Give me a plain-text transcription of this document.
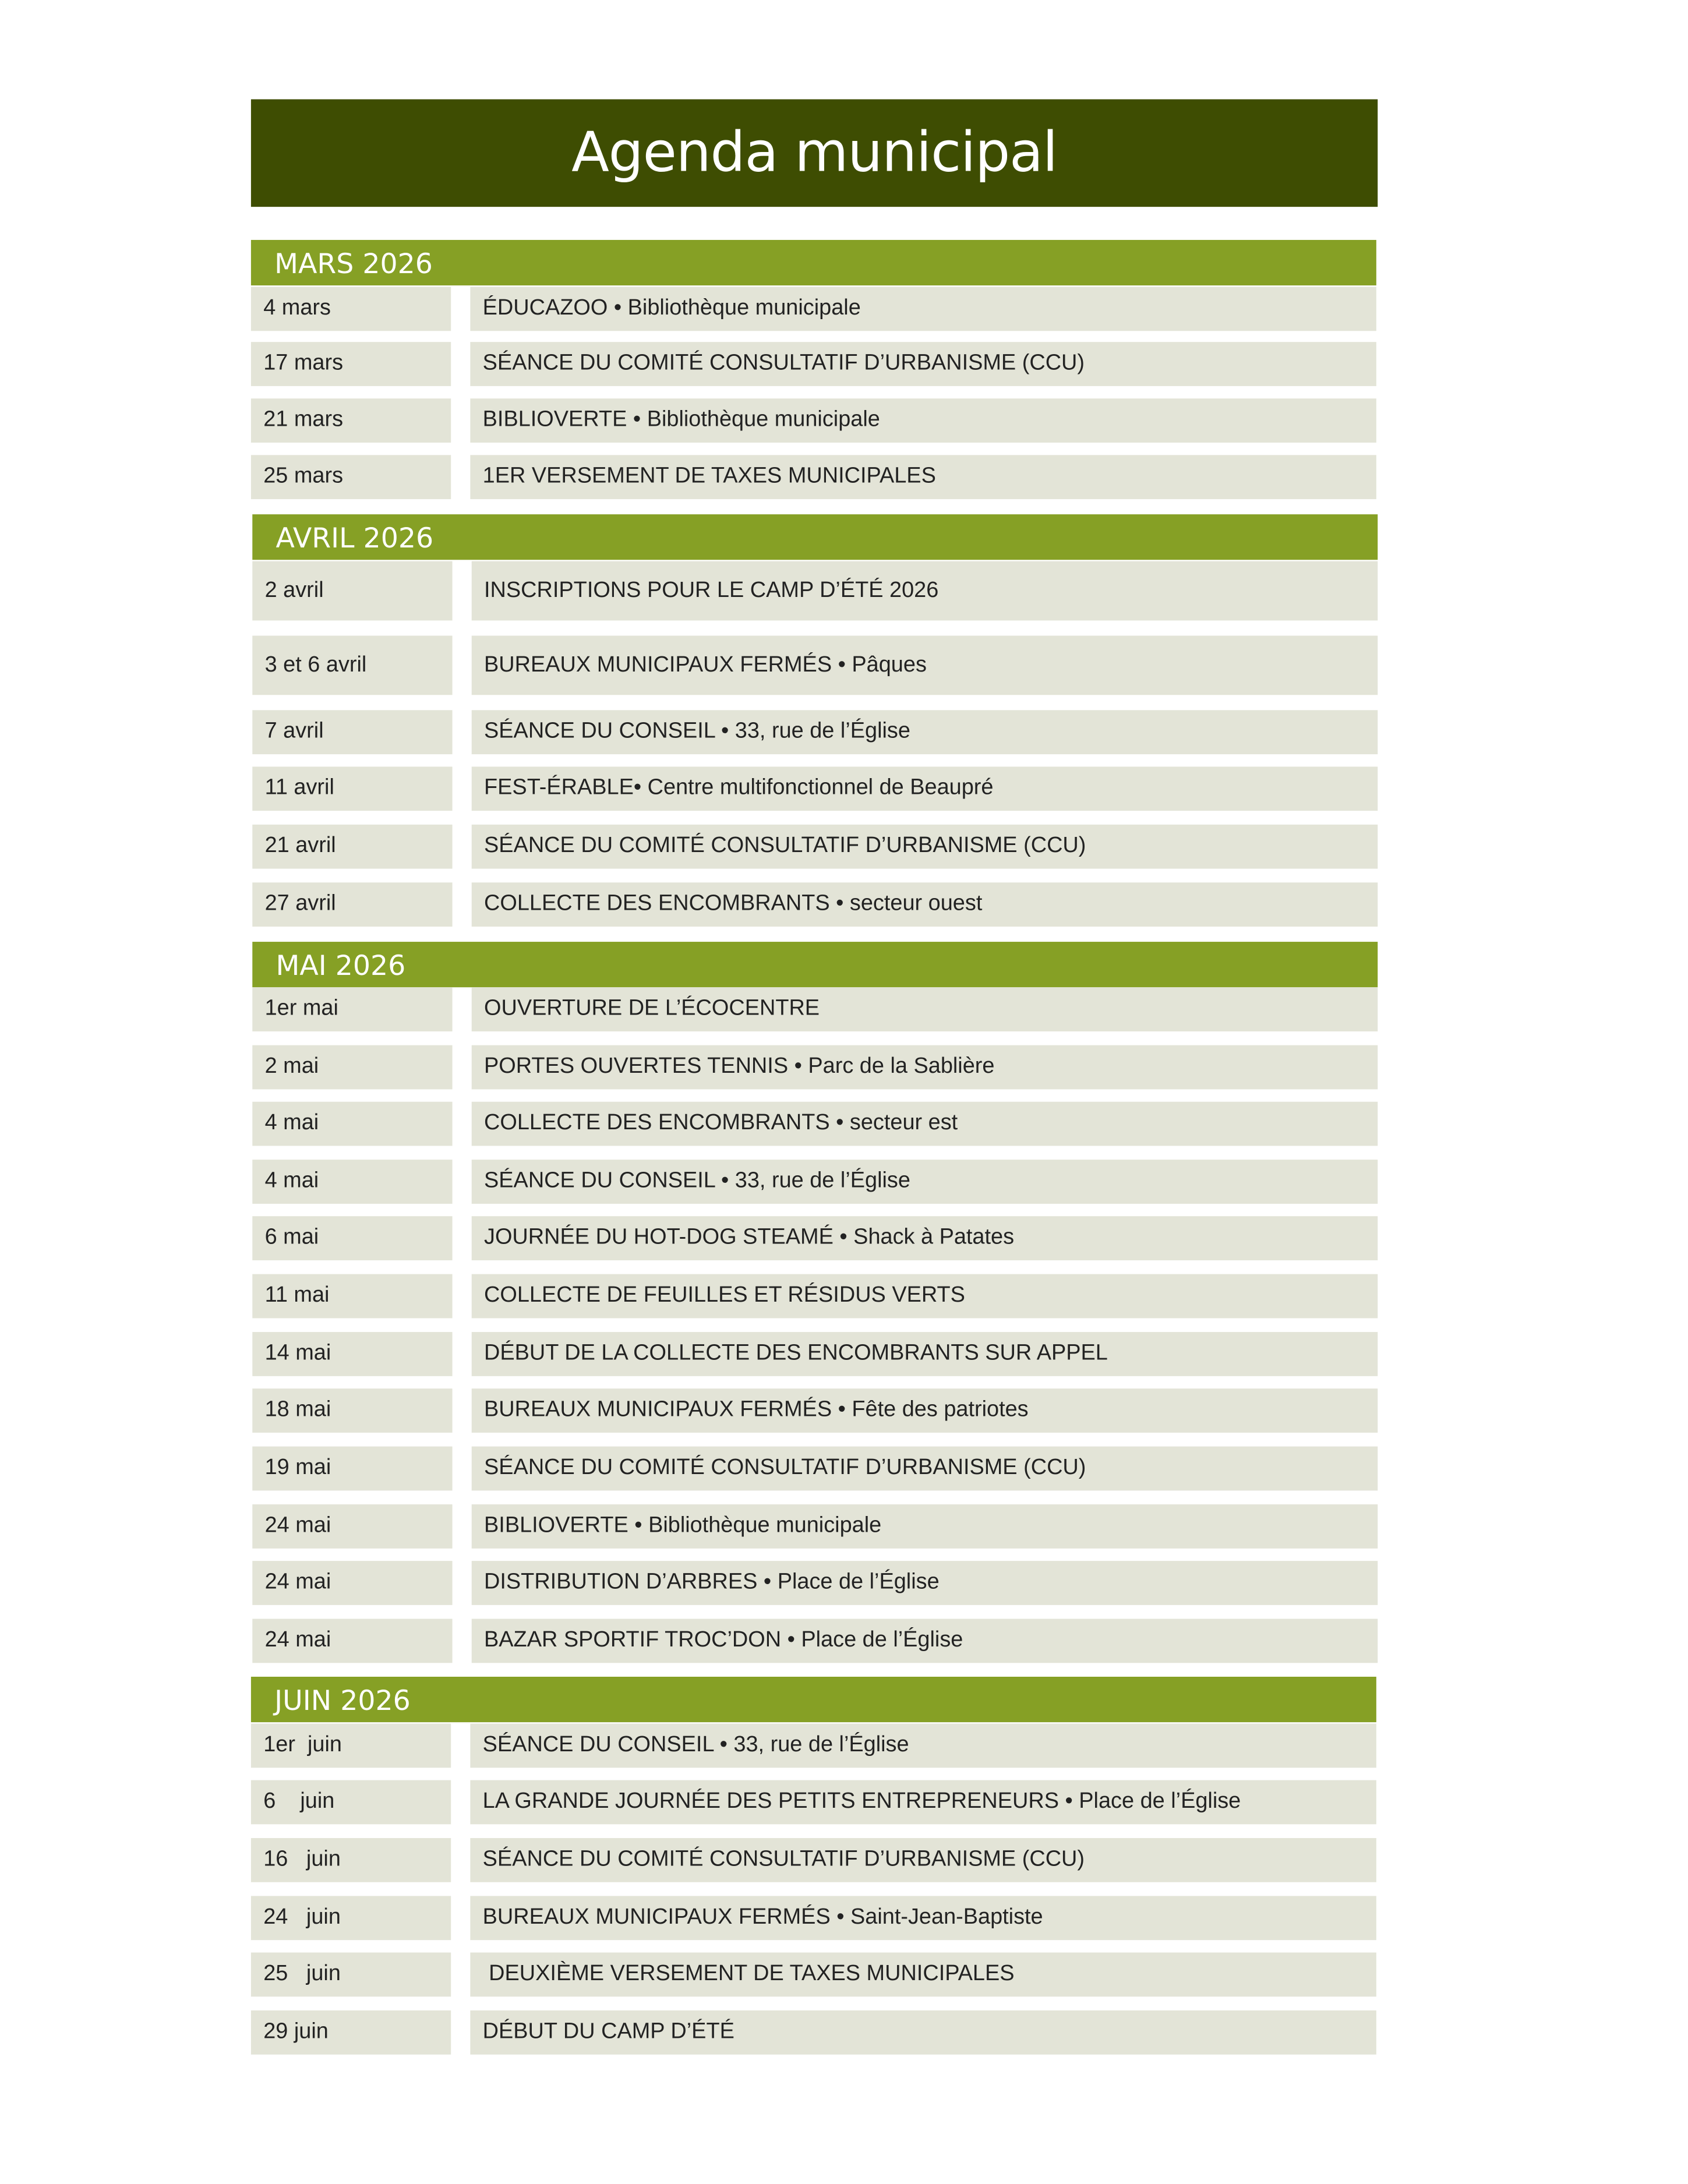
Agenda municipal
MARS 2026
4 mars	ÉDUCAZOO • Bibliothèque municipale
17 mars	SÉANCE DU COMITÉ CONSULTATIF D’URBANISME (CCU)
21 mars	BIBLIOVERTE • Bibliothèque municipale
25 mars	1ER VERSEMENT DE TAXES MUNICIPALES
AVRIL 2026
2 avril	INSCRIPTIONS POUR LE CAMP D’ÉTÉ 2026
3 et 6 avril	BUREAUX MUNICIPAUX FERMÉS • Pâques
7 avril	SÉANCE DU CONSEIL • 33, rue de l’Église
11 avril	FEST-ÉRABLE• Centre multifonctionnel de Beaupré
21 avril	SÉANCE DU COMITÉ CONSULTATIF D’URBANISME (CCU)
27 avril	COLLECTE DES ENCOMBRANTS • secteur ouest
MAI 2026
1er mai	OUVERTURE DE L’ÉCOCENTRE
2 mai	PORTES OUVERTES TENNIS • Parc de la Sablière
4 mai	COLLECTE DES ENCOMBRANTS • secteur est
4 mai	SÉANCE DU CONSEIL • 33, rue de l’Église
6 mai	JOURNÉE DU HOT-DOG STEAMÉ • Shack à Patates
11 mai	COLLECTE DE FEUILLES ET RÉSIDUS VERTS
14 mai	DÉBUT DE LA COLLECTE DES ENCOMBRANTS SUR APPEL
18 mai	BUREAUX MUNICIPAUX FERMÉS • Fête des patriotes
19 mai	SÉANCE DU COMITÉ CONSULTATIF D’URBANISME (CCU)
24 mai	BIBLIOVERTE • Bibliothèque municipale
24 mai	DISTRIBUTION D’ARBRES • Place de l’Église
24 mai	BAZAR SPORTIF TROC’DON • Place de l’Église
JUIN 2026
1er  juin	SÉANCE DU CONSEIL • 33, rue de l’Église
6    juin	LA GRANDE JOURNÉE DES PETITS ENTREPRENEURS • Place de l’Église
16   juin	SÉANCE DU COMITÉ CONSULTATIF D’URBANISME (CCU)
24   juin	BUREAUX MUNICIPAUX FERMÉS • Saint-Jean-Baptiste
25   juin	DEUXIÈME VERSEMENT DE TAXES MUNICIPALES
29 juin	DÉBUT DU CAMP D’ÉTÉ
